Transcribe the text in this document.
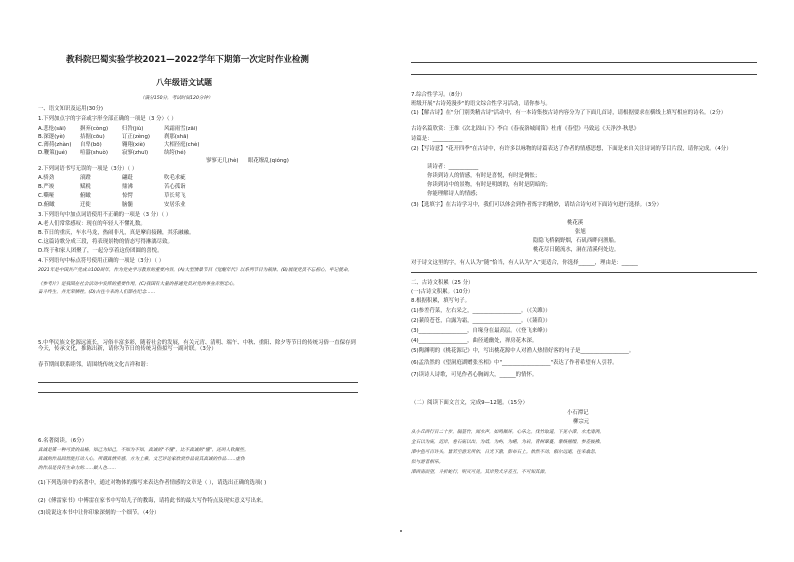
教科院巴蜀实验学校2021—2022学年下期第一次定时作业检测
八年级语文试题
（满分150分，考试时间120分钟）
一、语文知识及运用(30分)
1.下列加点字的字音或字形全部正确的一项是（3 分）（ ）
A.悲怆(sāi)	摒弃(còng)	归咎(jiù)	风霜雨雪(zāi)
B.深邃(yè)	拮据(cōu)	订正(zèng)	刹那(shā)
C.薄荷(zhàn) 自卑(bō)	翱翔(xiè)	大相径庭(chè)
D.鞭策(jué) 喧嚣(shuò)	寂寥(zhuī)	纨绔(hé)
寥寥无几(hè) 眼花缭乱(qióng)
2.下列词语书写无误的一项是（3分）（ ）
A.骄劲	滚蹬	翩跹	吹毛求疵
B.严竣	赋税	鼎沸	苦心孤诣
C.嘶哑	俯瞰	惊愕	草长莺飞
D.俯瞰	迁徙	脑髓	安居乐业
3.下列语句中加点词语使用不正确的一项是（3 分）（ ）
A.老人们常常感叹：现在的年轻人不懂礼数。
B.节日的重庆，车水马龙，热闹非凡，真是摩肩接踵，其乐融融。
C.这篇诗歌分成三段，将表现景物的情态写得淋漓尽致。
D.终于和家人团聚了，一起分享着这份团圆的喜悦。
4.下列语句中标点符号使用正确的一项是（3分）（ ）
2021年是中国共产党成立100周年，作为党史学习教育的重要内容，(A)大型情景节目《觉醒年代》以系列节目为载体，(B)展现党员不忘初心，牢记使命。
《参考片》是我国在社会活动中发挥的重要作用。(C)我国有大量的普通党员对党的事业赤胆忠心，
奋斗终生，并光荣牺牲。(D)古往今来的人们都在纪念……
5.中华民族文化源远流长，习俗丰富多彩，随着社会的发展，有关元宵、清明、端午、中秋、重阳、除夕等节日的传统习俗一直保存到今天，传承文化，推陈出新，请你为节日的传统习俗拟写一副对联。（3分）
春节期间联系睦邻，请围绕传统文化吉祥和谐：
6.名著阅读。（6分）
真诚是第一种可贵的品格。知己为知己，不知为不知，真诚的"不懂"，比不真诚的"懂"，还叫人钦佩些。
真诚的作品固然能打动人心，所谓真情实感，方为上乘。文艺评论家欣赏作品说其真诚的作品……虚伪
的作品是没有生命力的……做人也……
(1)下列选项中的名著中，通过对物体的描写来表达作者情感的文章是（ ），请选出正确的选项( )
(2)《傅雷家书》中傅雷在家书中写给儿子的教诲，请将此书的最大写作特点及现实意义写出来。
(3)说说这本书中让你印象深刻的一个细节。（4分）
7.综合性学习。（8分）
班级开展"古诗苑漫步"的语文综合性学习活动，请你参与。
(1)【解古诗】在"分门别类精古诗"活动中，有一本诗集按古诗内容分为了下面几首诗，请根据要求在横线上填写相应的诗名。（2分）
古诗名篇欣赏：王维《次北固山下》李白《春夜洛城闻笛》杜甫《春望》马致远《天净沙·秋思》
诗篇是：___________
(2)【写诗意】"花开四季"在古诗中，有许多以咏物的诗篇表达了作者的情感思想，下面是来自关注诗词的节目片段，请你完成。（4分）
读诗者：___________
你读到诗人的情感，有时是喜悦，有时是惆怅；
你读到诗中的景物，有时是明朗的，有时是阴暗的；
你能理解诗人的情感；
(3)【选填字】在古诗学习中，我们可以体会到作者炼字的精妙，请结合诗句对下面诗句进行选择。（3分）
桃花溪
张旭
隐隐飞桥隔野烟，石矶西畔问渔船。
桃花尽日随流水，洞在清溪何处边。
对于诗文这里的字，有人认为“随”恰当，有人认为“入”更适合，你选择______，理由是：______
二、古诗文积累（25 分）
(一)古诗文积累。（10分）
8.根据积累，填写句子。
(1)参差荇菜，左右采之，__________________。（《关雎》）
(2)蒹葭苍苍，白露为霜，__________________。（《蒹葭》）
(3)__________________，自缘身在最高层。（《登飞来峰》）
(4)__________________，曲径通幽处，禅房花木深。
(5)陶渊明的《桃花源记》中，写出桃花源中人对渔人热情好客的句子是__________________。
(6)孟浩然的《望洞庭湖赠张丞相》中"__________________"表达了作者希望有人引荐。
(7)读诗人诗歌，可见作者心胸阔大，______的情怀。
（二）阅读下面文言文，完成9—12题。（15分）
小石潭记
柳宗元
从小丘西行百二十步，隔篁竹，闻水声，如鸣佩环，心乐之。伐竹取道，下见小潭，水尤清洌。
全石以为底，近岸，卷石底以出，为坻，为屿，为嵁，为岩。青树翠蔓，蒙络摇缀，参差披拂。
潭中鱼可百许头，皆若空游无所依，日光下澈，影布石上。佁然不动，俶尔远逝，往来翕忽，
似与游者相乐。
潭西南而望，斗折蛇行，明灭可见。其岸势犬牙差互，不可知其源。
